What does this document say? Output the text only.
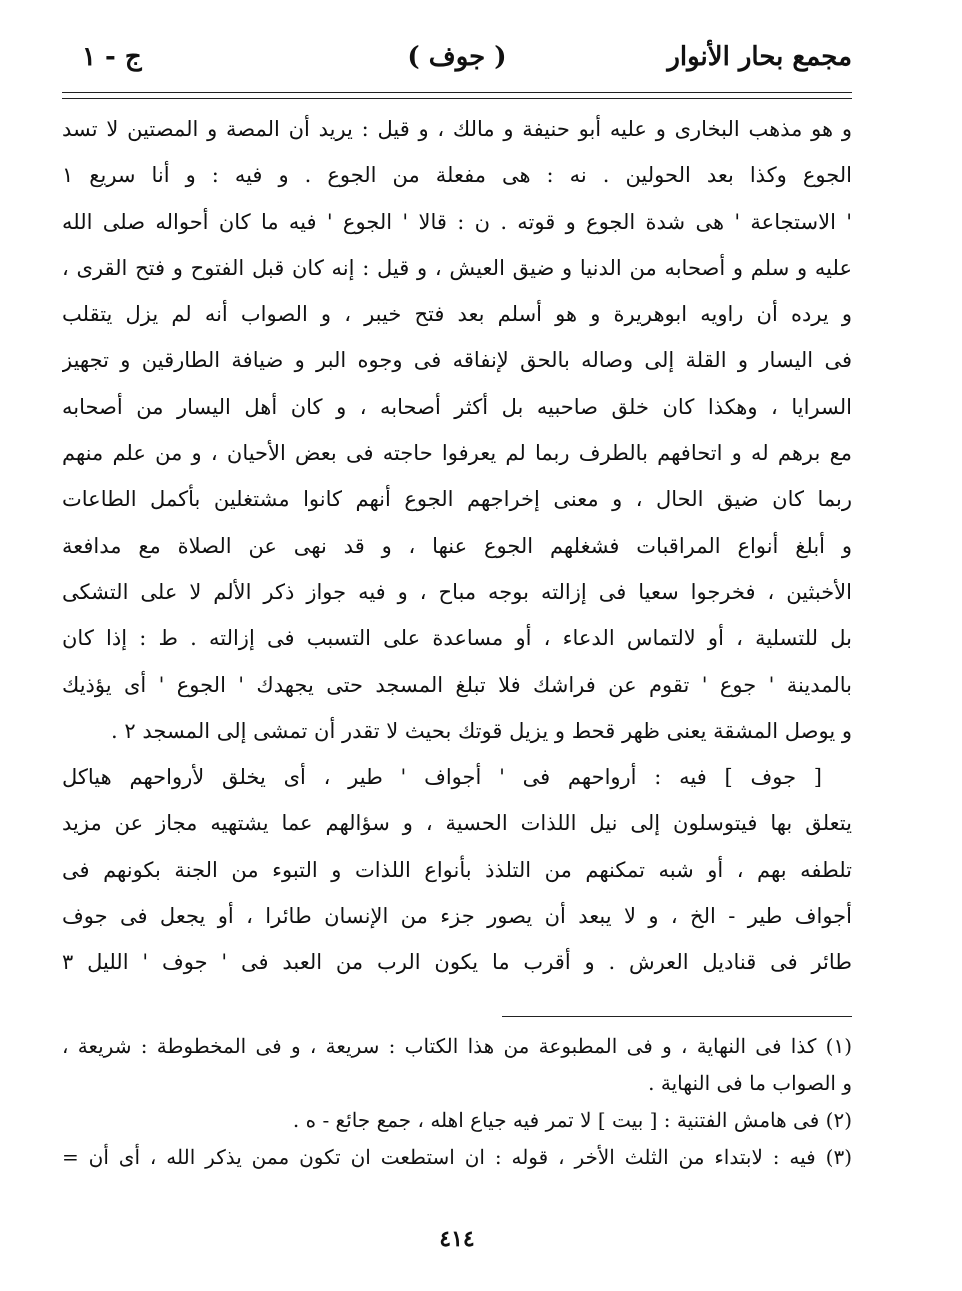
مجمع بحار الأنوار
( جوف )
ج - ١
و هو مذهب البخارى و عليه أبو حنيفة و مالك ، و قيل : يريد أن المصة و المصتين لا تسد
الجوع وكذا بعد الحولين . نه : هى مفعلة من الجوع . و فيه : و أنا سريع ١
' الاستجاعة ' هى شدة الجوع و قوته . ن : قالا ' الجوع ' فيه ما كان أحواله صلى الله
عليه و سلم و أصحابه من الدنيا و ضيق العيش ، و قيل : إنه كان قبل الفتوح و فتح القرى ،
و يرده أن راويه ابوهريرة و هو أسلم بعد فتح خيبر ، و الصواب أنه لم يزل يتقلب
فى اليسار و القلة إلى وصاله بالحق لإنفاقه فى وجوه البر و ضيافة الطارقين و تجهيز
السرايا ، وهكذا كان خلق صاحبيه بل أكثر أصحابه ، و كان أهل اليسار من أصحابه
مع برهم له و اتحافهم بالطرف ربما لم يعرفوا حاجته فى بعض الأحيان ، و من علم منهم
ربما كان ضيق الحال ، و معنى إخراجهم الجوع أنهم كانوا مشتغلين بأكمل الطاعات
و أبلغ أنواع المراقبات فشغلهم الجوع عنها ، و قد نهى عن الصلاة مع مدافعة
الأخبثين ، فخرجوا سعيا فى إزالته بوجه مباح ، و فيه جواز ذكر الألم لا على التشكى
بل للتسلية ، أو لالتماس الدعاء ، أو مساعدة على التسبب فى إزالته . ط : إذا كان
بالمدينة ' جوع ' تقوم عن فراشك فلا تبلغ المسجد حتى يجهدك ' الجوع ' أى يؤذيك
و يوصل المشقة يعنى ظهر قحط و يزيل قوتك بحيث لا تقدر أن تمشى إلى المسجد ٢ .
[ جوف ] فيه : أرواحهم فى ' أجواف ' طير ، أى يخلق لأرواحهم هياكل
يتعلق بها فيتوسلون إلى نيل اللذات الحسية ، و سؤالهم عما يشتهيه مجاز عن مزيد
تلطفه بهم ، أو شبه تمكنهم من التلذذ بأنواع اللذات و التبوء من الجنة بكونهم فى
أجواف طير - الخ ، و لا يبعد أن يصور جزء من الإنسان طائرا ، أو يجعل فى جوف
طائر فى قناديل العرش . و أقرب ما يكون الرب من العبد فى ' جوف ' الليل ٣
(١) كذا فى النهاية ، و فى المطبوعة من هذا الكتاب : سريعة ، و فى المخطوطة : شريعة ،
و الصواب ما فى النهاية .
(٢) فى هامش الفتنية : [ بيت ] لا تمر فيه جياع اهله ، جمع جائع - ه .
(٣) فيه : لابتداء من الثلث الأخر ، قوله : ان استطعت ان تكون ممن يذكر الله ، أى أن =
٤١٤
